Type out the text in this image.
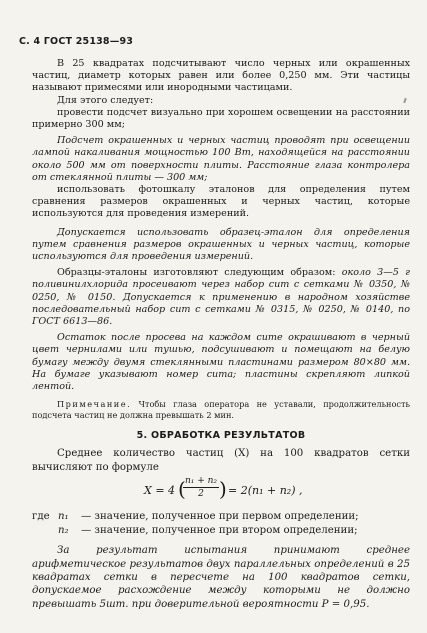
С. 4 ГОСТ 25138—93

В 25 квадратах подсчитывают число черных или окрашенных частиц, диаметр которых равен или более 0,250 мм. Эти частицы называют примесями или инородными частицами.

Для этого следует:

провести подсчет визуально при хорошем освещении на расстоянии примерно 300 мм;

Подсчет окрашенных и черных частиц проводят при освещении лампой накаливания мощностью 100 Вт, находящейся на расстоянии около 500 мм от поверхности плиты. Расстояние глаза контролера от стеклянной плиты — 300 мм;

использовать фотошкалу эталонов для определения путем сравнения размеров окрашенных и черных частиц, которые используются для проведения измерений.

Допускается использовать образец-эталон для определения путем сравнения размеров окрашенных и черных частиц, которые используются для проведения измерений.

Образцы-эталоны изготовляют следующим образом: около 3—5 г поливинилхлорида просеивают через набор сит с сетками № 0350, № 0250, № 0150. Допускается к применению в народном хозяйстве последовательный набор сит с сетками № 0315, № 0250, № 0140, по ГОСТ 6613—86.

Остаток после просева на каждом сите окрашивают в черный цвет чернилами или тушью, подсушивают и помещают на белую бумагу между двумя стеклянными пластинами размером 80×80 мм. На бумаге указывают номер сита; пластины скрепляют липкой лентой.

Примечание. Чтобы глаза оператора не уставали, продолжительность подсчета частиц не должна превышать 2 мин.

5. ОБРАБОТКА РЕЗУЛЬТАТОВ

Среднее количество частиц (X) на 100 квадратов сетки вычисляют по формуле

X = 4 (
$\frac{\text{n₁ + n₂}}{2}$ ) = 2(n₁ + n₂) ,
где n₁ — значение, полученное при первом определении;
n₂ — значение, полученное при втором определении;

За результат испытания принимают среднее арифметическое результатов двух параллельных определений в 25 квадратах сетки в пересчете на 100 квадратов сетки, допускаемое расхождение между которыми не должно превышать 5шт. при доверительной вероятности P = 0,95.
